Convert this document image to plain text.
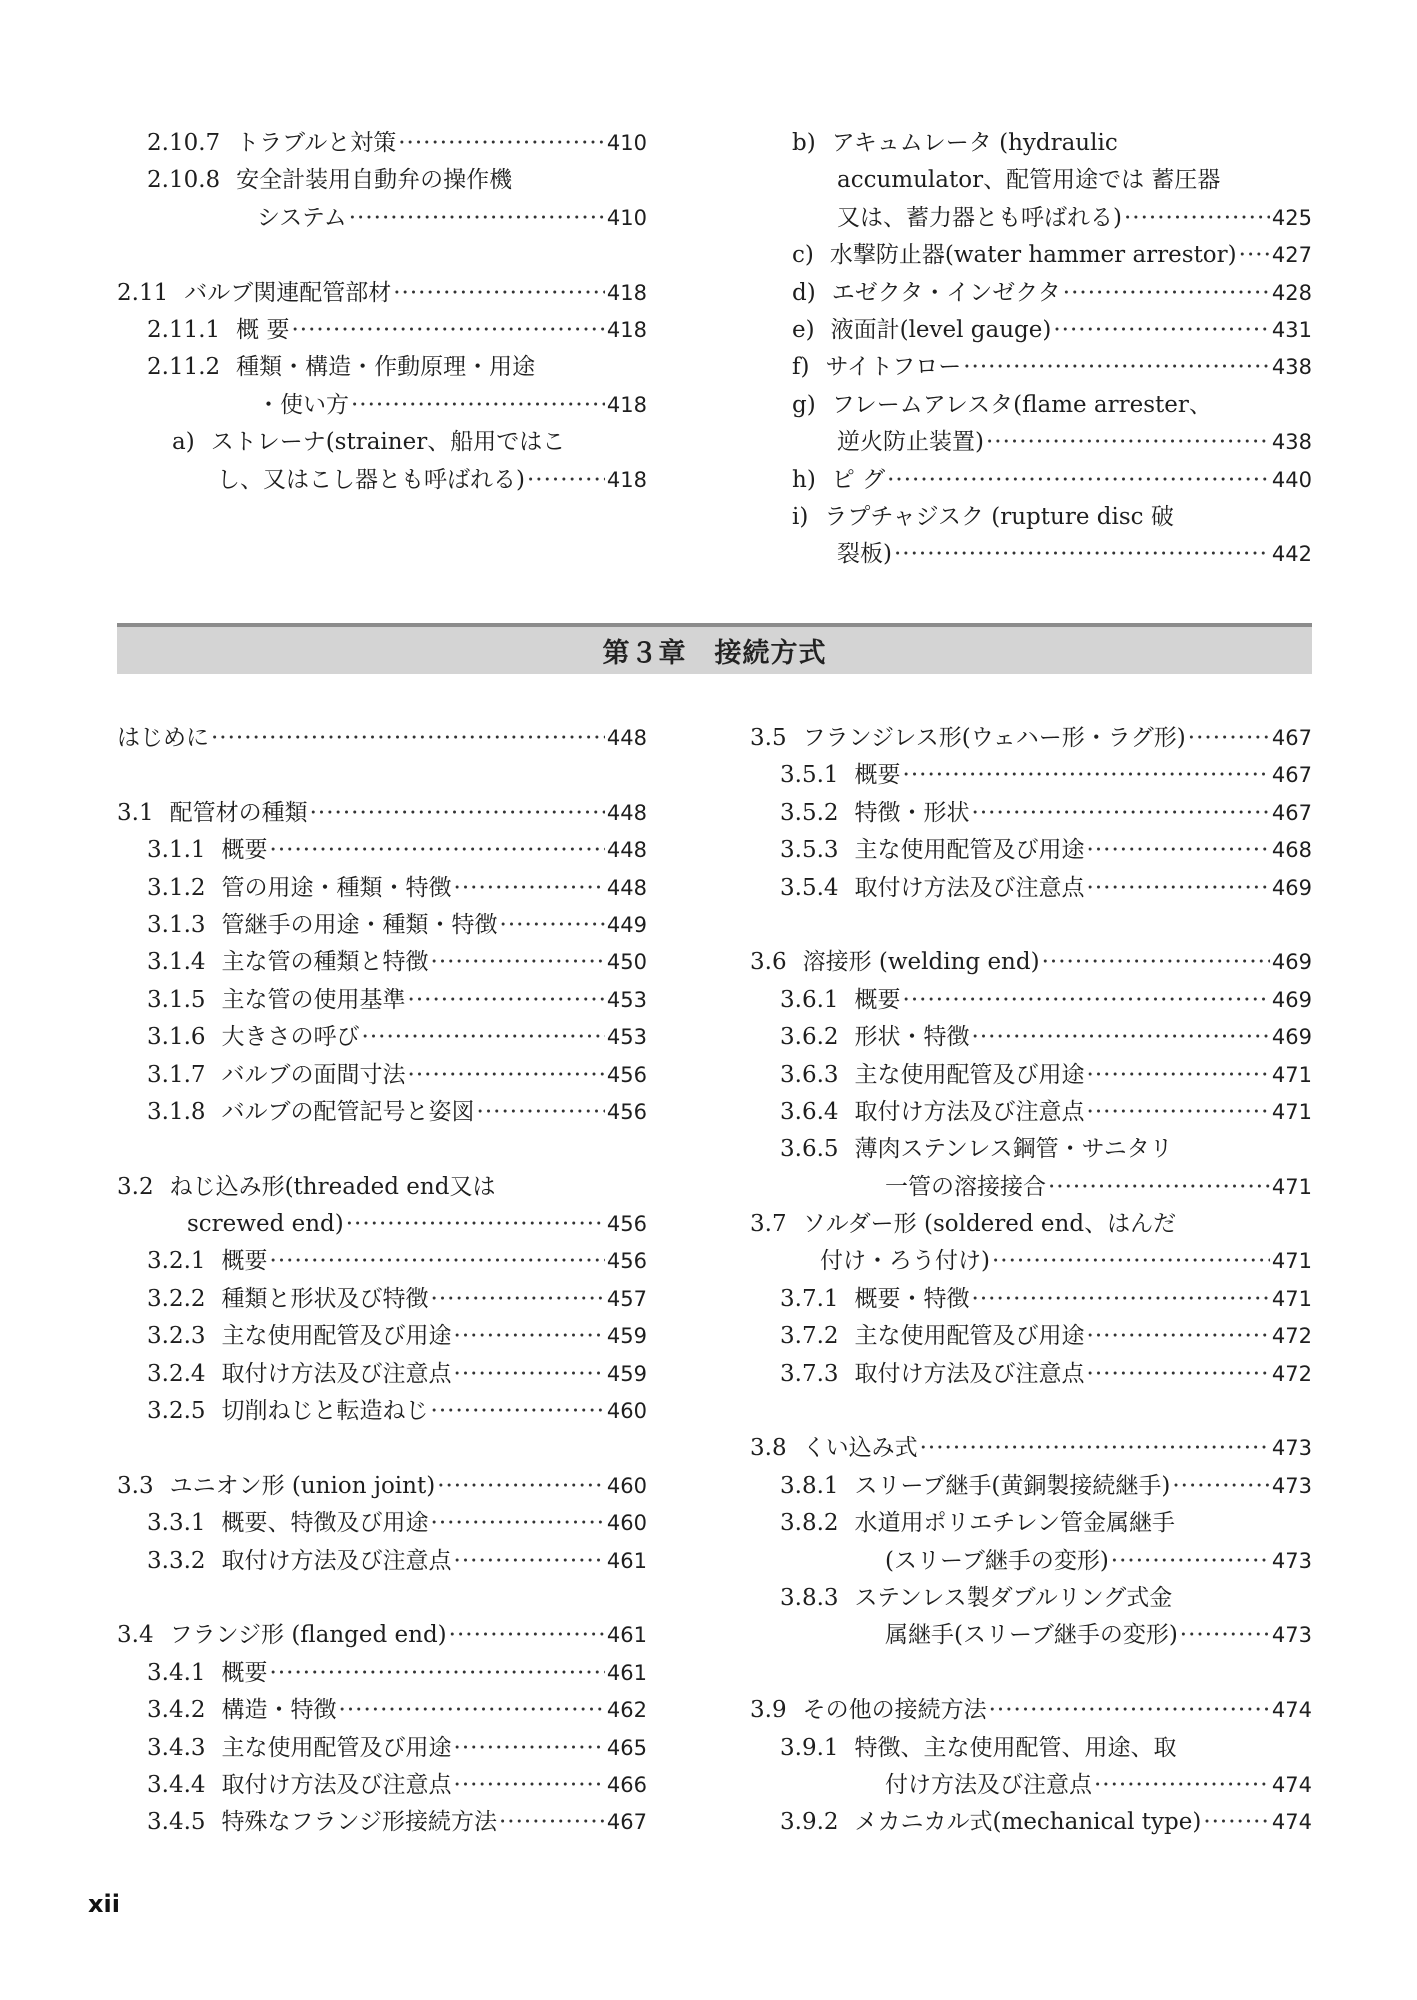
2.10.7 トラブルと対策 ·····	410
2.10.8 安全計装用自動弁の操作機
システム ·····	410
2.11 バルブ関連配管部材 ·····	418
2.11.1 概 要 ·····	418
2.11.2 種類・構造・作動原理・用途
・使い方 ·····	418
a) ストレーナ(strainer、船用ではこ
し、又はこし器とも呼ばれる) ·····	418
b) アキュムレータ (hydraulic
accumulator、配管用途では 蓄圧器
又は、蓄力器とも呼ばれる) ·····	425
c) 水撃防止器(water hammer arrestor) ····· 427
d) エゼクタ・インゼクタ ·····	428
e) 液面計(level gauge) ·····	431
f) サイトフロー ·····	438
g) フレームアレスタ(flame arrester、
逆火防止装置) ·····	438
h) ピ グ ·····	440
i) ラプチャジスク (rupture disc 破
裂板) ·····	442
第３章　接続方式
はじめに ·····	448
3.1 配管材の種類 ·····	448
3.1.1 概要 ·····	448
3.1.2 管の用途・種類・特徴 ·····	448
3.1.3 管継手の用途・種類・特徴 ·····	449
3.1.4 主な管の種類と特徴 ·····	450
3.1.5 主な管の使用基準 ·····	453
3.1.6 大きさの呼び ·····	453
3.1.7 バルブの面間寸法 ·····	456
3.1.8 バルブの配管記号と姿図 ·····	456
3.2 ねじ込み形(threaded end又は
screwed end) ·····	456
3.2.1 概要 ·····	456
3.2.2 種類と形状及び特徴 ·····	457
3.2.3 主な使用配管及び用途 ·····	459
3.2.4 取付け方法及び注意点 ·····	459
3.2.5 切削ねじと転造ねじ ·····	460
3.3 ユニオン形 (union joint) ·····	460
3.3.1 概要、特徴及び用途 ·····	460
3.3.2 取付け方法及び注意点 ·····	461
3.4 フランジ形 (flanged end) ·····	461
3.4.1 概要 ·····	461
3.4.2 構造・特徴 ·····	462
3.4.3 主な使用配管及び用途 ·····	465
3.4.4 取付け方法及び注意点 ·····	466
3.4.5 特殊なフランジ形接続方法 ·····	467
3.5 フランジレス形(ウェハー形・ラグ形) ·····	467
3.5.1 概要 ·····	467
3.5.2 特徴・形状 ·····	467
3.5.3 主な使用配管及び用途 ·····	468
3.5.4 取付け方法及び注意点 ·····	469
3.6 溶接形 (welding end) ·····	469
3.6.1 概要 ·····	469
3.6.2 形状・特徴 ·····	469
3.6.3 主な使用配管及び用途 ·····	471
3.6.4 取付け方法及び注意点 ·····	471
3.6.5 薄肉ステンレス鋼管・サニタリ
一管の溶接接合 ·····	471
3.7 ソルダー形 (soldered end、はんだ
付け・ろう付け) ·····	471
3.7.1 概要・特徴 ·····	471
3.7.2 主な使用配管及び用途 ·····	472
3.7.3 取付け方法及び注意点 ·····	472
3.8 くい込み式 ·····	473
3.8.1 スリーブ継手(黄銅製接続継手) ·····	473
3.8.2 水道用ポリエチレン管金属継手
(スリーブ継手の変形) ·····	473
3.8.3 ステンレス製ダブルリング式金
属継手(スリーブ継手の変形) ·····	473
3.9 その他の接続方法 ·····	474
3.9.1 特徴、主な使用配管、用途、取
付け方法及び注意点 ·····	474
3.9.2 メカニカル式(mechanical type) ·····	474
xii
